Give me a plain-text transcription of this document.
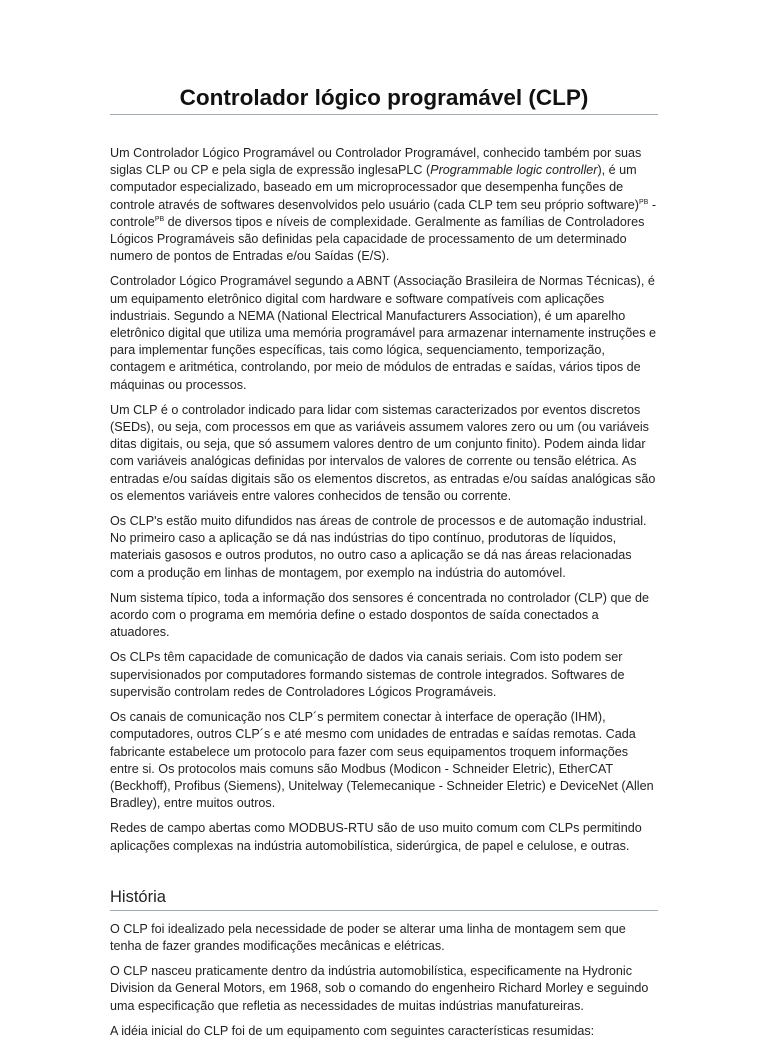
Controlador lógico programável (CLP)

Um Controlador Lógico Programável ou Controlador Programável, conhecido também por suas siglas CLP ou CP e pela sigla de expressão inglesaPLC (Programmable logic controller), é um computador especializado, baseado em um microprocessador que desempenha funções de controle através de softwares desenvolvidos pelo usuário (cada CLP tem seu próprio software)$^{PB}$ - controle$^{PB}$ de diversos tipos e níveis de complexidade. Geralmente as famílias de Controladores Lógicos Programáveis são definidas pela capacidade de processamento de um determinado numero de pontos de Entradas e/ou Saídas (E/S).

Controlador Lógico Programável segundo a ABNT (Associação Brasileira de Normas Técnicas), é um equipamento eletrônico digital com hardware e software compatíveis com aplicações industriais. Segundo a NEMA (National Electrical Manufacturers Association), é um aparelho eletrônico digital que utiliza uma memória programável para armazenar internamente instruções e para implementar funções específicas, tais como lógica, sequenciamento, temporização, contagem e aritmética, controlando, por meio de módulos de entradas e saídas, vários tipos de máquinas ou processos.

Um CLP é o controlador indicado para lidar com sistemas caracterizados por eventos discretos (SEDs), ou seja, com processos em que as variáveis assumem valores zero ou um (ou variáveis ditas digitais, ou seja, que só assumem valores dentro de um conjunto finito). Podem ainda lidar com variáveis analógicas definidas por intervalos de valores de corrente ou tensão elétrica. As entradas e/ou saídas digitais são os elementos discretos, as entradas e/ou saídas analógicas são os elementos variáveis entre valores conhecidos de tensão ou corrente.

Os CLP's estão muito difundidos nas áreas de controle de processos e de automação industrial. No primeiro caso a aplicação se dá nas indústrias do tipo contínuo, produtoras de líquidos, materiais gasosos e outros produtos, no outro caso a aplicação se dá nas áreas relacionadas com a produção em linhas de montagem, por exemplo na indústria do automóvel.

Num sistema típico, toda a informação dos sensores é concentrada no controlador (CLP) que de acordo com o programa em memória define o estado dospontos de saída conectados a atuadores.

Os CLPs têm capacidade de comunicação de dados via canais seriais. Com isto podem ser supervisionados por computadores formando sistemas de controle integrados. Softwares de supervisão controlam redes de Controladores Lógicos Programáveis.

Os canais de comunicação nos CLP´s permitem conectar à interface de operação (IHM), computadores, outros CLP´s e até mesmo com unidades de entradas e saídas remotas. Cada fabricante estabelece um protocolo para fazer com seus equipamentos troquem informações entre si. Os protocolos mais comuns são Modbus (Modicon - Schneider Eletric), EtherCAT (Beckhoff), Profibus (Siemens), Unitelway (Telemecanique - Schneider Eletric) e DeviceNet (Allen Bradley), entre muitos outros.

Redes de campo abertas como MODBUS-RTU são de uso muito comum com CLPs permitindo aplicações complexas na indústria automobilística, siderúrgica, de papel e celulose, e outras.

História

O CLP foi idealizado pela necessidade de poder se alterar uma linha de montagem sem que tenha de fazer grandes modificações mecânicas e elétricas.

O CLP nasceu praticamente dentro da indústria automobilística, especificamente na Hydronic Division da General Motors, em 1968, sob o comando do engenheiro Richard Morley e seguindo uma especificação que refletia as necessidades de muitas indústrias manufatureiras.

A idéia inicial do CLP foi de um equipamento com seguintes características resumidas:
